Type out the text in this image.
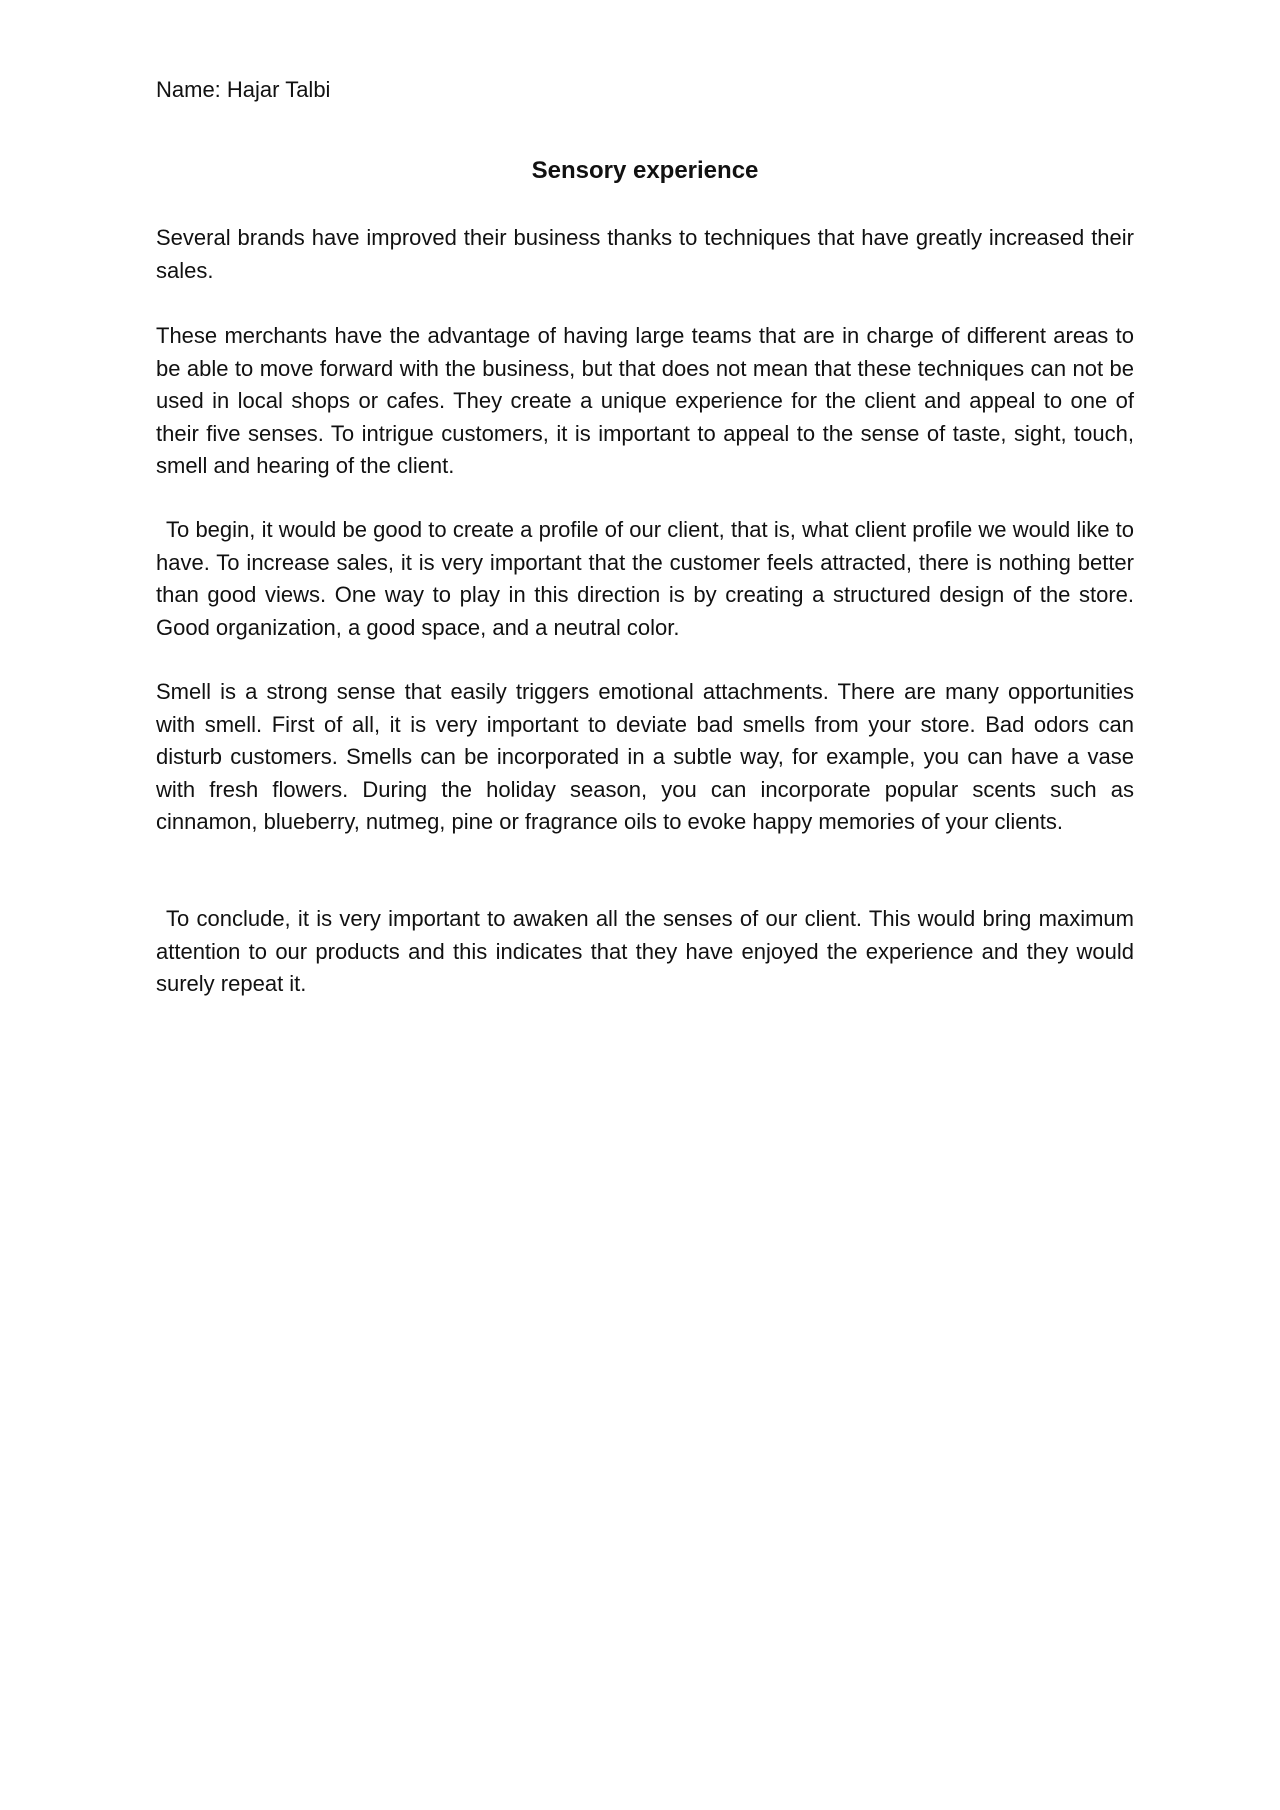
Name: Hajar Talbi
Sensory experience

Several brands have improved their business thanks to techniques that have greatly increased their sales.

These merchants have the advantage of having large teams that are in charge of different areas to be able to move forward with the business, but that does not mean that these techniques can not be used in local shops or cafes. They create a unique experience for the client and appeal to one of their five senses. To intrigue customers, it is important to appeal to the sense of taste, sight, touch, smell and hearing of the client.

To begin, it would be good to create a profile of our client, that is, what client profile we would like to have. To increase sales, it is very important that the customer feels attracted, there is nothing better than good views. One way to play in this direction is by creating a structured design of the store. Good organization, a good space, and a neutral color.

Smell is a strong sense that easily triggers emotional attachments. There are many opportunities with smell. First of all, it is very important to deviate bad smells from your store. Bad odors can disturb customers. Smells can be incorporated in a subtle way, for example, you can have a vase with fresh flowers. During the holiday season, you can incorporate popular scents such as cinnamon, blueberry, nutmeg, pine or fragrance oils to evoke happy memories of your clients.

To conclude, it is very important to awaken all the senses of our client. This would bring maximum attention to our products and this indicates that they have enjoyed the experience and they would surely repeat it.
